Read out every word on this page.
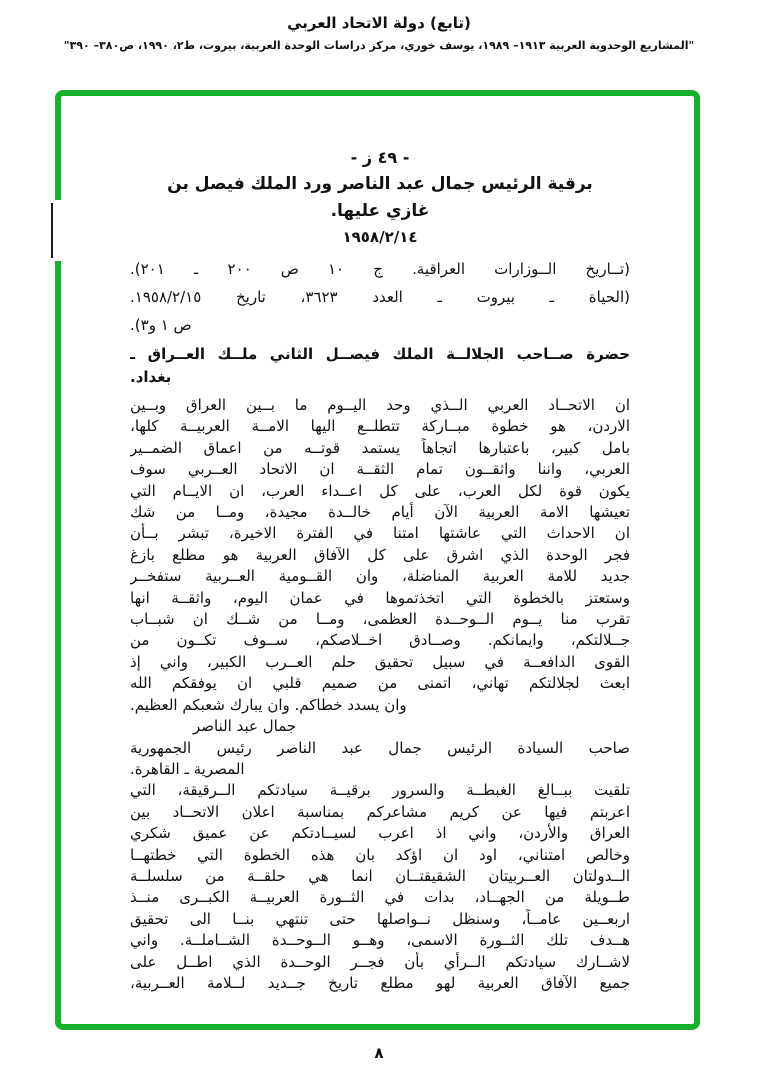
(تابع) دولة الاتحاد العربي
"المشاريع الوحدوية العربية ١٩١٣– ١٩٨٩، يوسف خوري، مركز دراسات الوحدة العربية، بيروت، ط٢، ١٩٩٠، ص٣٨٠– ٣٩٠"
- ٤٩ ز -
برقية الرئيس جمال عبد الناصر ورد الملك فيصل بن
غازي عليها.
١٩٥٨/٢/١٤
(تــاريخ الــوزارات العراقية. ج ١٠ ص ٢٠٠ ـ ٢٠١).
(الحياة ـ بيروت ـ العدد ٣٦٢٣، تاريخ ١٩٥٨/٢/١٥.
ص ١ و٣).
حضرة صــاحب الجلالــة الملك فيصــل الثاني ملــك العــراق ـ
بغداد.
ان الاتحــاد العربي الــذي وحد اليــوم ما بــين العراق وبــين
الاردن، هو خطوة مبــاركة تتطلــع اليها الامــة العربيــة كلها،
بامل كبير، باعتبارها اتجاهاً يستمد قوتــه من اعماق الضمــير
العربي، واننا واثقــون تمام الثقــة ان الاتحاد العــربي سوف
يكون قوة لكل العرب، على كل اعــداء العرب، ان الايــام التي
تعيشها الامة العربية الآن أيام خالــدة مجيدة، ومــا من شك
ان الاحداث التي عاشتها امتنا في الفترة الاخيرة، تبشر بــأن
فجر الوحدة الذي اشرق على كل الآفاق العربية هو مطلع بازغ
جديد للامة العربية المناضلة، وان القــومية العــربية ستفخــر
وستعتز بالخطوة التي اتخذتموها في عمان اليوم، واثقــة انها
تقرب منا يــوم الــوحــدة العظمى، ومــا من شــك ان شبــاب
جــلالتكم، وايمانكم. وصــادق اخــلاصكم، ســوف تكــون من
القوى الدافعــة في سبيل تحقيق حلم العــرب الكبير، واني إذ
ابعث لجلالتكم تهاني، اتمنى من صميم قلبي ان يوفقكم الله
وان يسدد خطاكم. وان يبارك شعبكم العظيم.
جمال عبد الناصر
صاحب السيادة الرئيس جمال عبد الناصر رئيس الجمهورية
المصرية ـ القاهرة.
تلقيت ببــالغ الغبطــة والسرور برقيــة سيادتكم الــرقيقة، التي
اعربتم فيها عن كريم مشاعركم بمناسبة اعلان الاتحــاد بين
العراق والأردن، واني اذ اعرب لسيــادتكم عن عميق شكري
وخالص امتناني، اود ان اؤكد بان هذه الخطوة التي خطتهــا
الــدولتان العــربيتان الشقيقتــان انما هي حلقــة من سلسلــة
طــويلة من الجهــاد، بدات في الثــورة العربيــة الكبــرى منــذ
اربعــين عامــاً، وسنظل نــواصلها حتى تنتهي بنــا الى تحقيق
هــدف تلك الثــورة الاسمى، وهــو الــوحــدة الشــاملــة. واني
لاشــارك سيادتكم الــرأي بأن فجــر الوحــدة الذي اطــل على
جميع الآفاق العربية لهو مطلع تاريخ جــديد لــلامة العــربية،
٨
